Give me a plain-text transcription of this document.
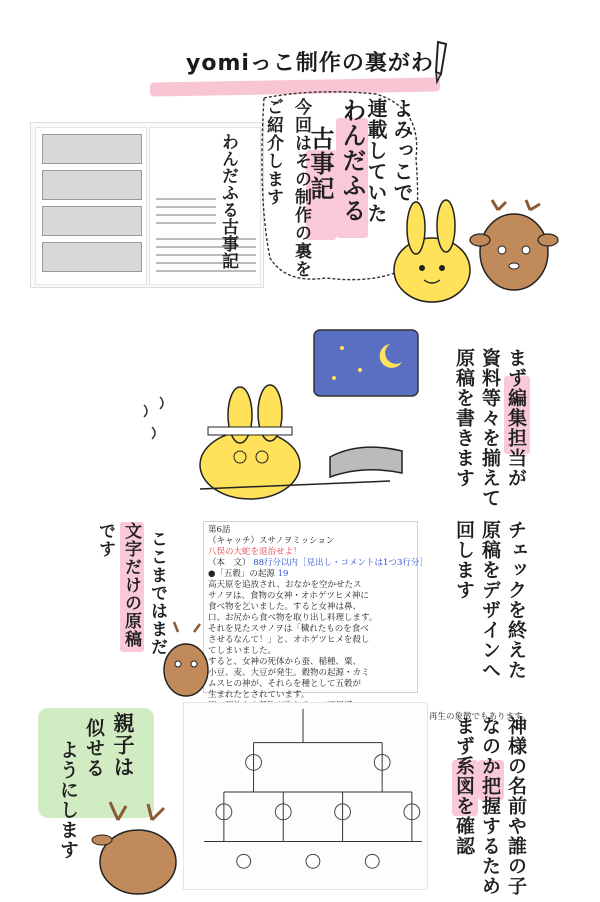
yomiっこ制作の裏がわ
わんだふる古事記	よみっこで
連載していた
わんだふる
古事記
今回はその制作の裏を
ご紹介します
まず編集担当が
資料等々を揃えて
原稿を書きます
第6話
（キャッチ）スサノヲミッション
八俣の大蛇を退治せよ！
（本　文） 88行分以内［見出し・コメントは1つ3行分］
●「五穀」の起源 19
高天原を追放され、おなかを空かせたス
サノヲは、食物の女神・オホゲツヒメ神に
食べ物を乞いました。すると女神は鼻、
口、お尻から食べ物を取り出し料理します。
それを見たスサノヲは「穢れたものを食べ
させるなんて！」と、オホゲツヒメを殺し
てしまいました。
すると、女神の死体から蚕、稲種、粟、
小豆、麦、大豆が発生。穀物の起源・カミ
ムスヒの神が、それらを種として五穀が
生まれたとされています。
原　 死体から穀物が取れるって不思議…
人　 秋の刈り入れで稲を残し、種を来年へ。それが穀物の再生の象徴でもあります。
●最凶モンスター現る！ 28
チェックを終えた
原稿をデザインへ
回します
ここまではまだ
文字だけの原稿
です
神様の名前や誰の子
なのか把握するため
まず系図を確認
親子は
似せる
ようにします
